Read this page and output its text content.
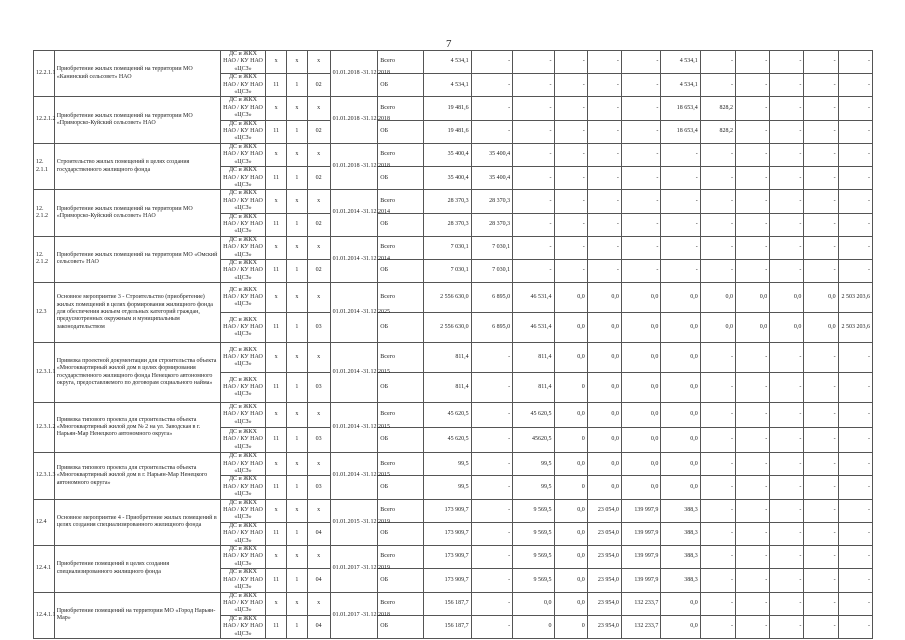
7
12.2.1.1	Приобретение жилых помещений на территории МО «Канинский сельсовет» НАО	ДС и ЖКХ НАО / КУ НАО «ЦСЗ»	х	х	х	01.01.2018 -31.12.2018	Всего	4 534,1	-	-	-	-	-	4 534,1	-	-	-	-	-
		ДС и ЖКХ НАО / КУ НАО «ЦСЗ»	11	1	02		ОБ	4 534,1	-	-	-	-	-	4 534,1	-	-	-	-	-
12.2.1.2	Приобретение жилых помещений на территории МО «Приморско-Куйский сельсовет» НАО	ДС и ЖКХ НАО / КУ НАО «ЦСЗ»	х	х	х	01.01.2018 -31.12.2018	Всего	19 481,6	-	-	-	-	-	18 653,4	828,2	-	-	-	-
		ДС и ЖКХ НАО / КУ НАО «ЦСЗ»	11	1	02		ОБ	19 481,6	-	-	-	-	-	18 653,4	828,2	-	-	-	-
12. 2.1.1	Строительство жилых помещений в целях создания государственного жилищного фонда	ДС и ЖКХ НАО / КУ НАО «ЦСЗ»	х	х	х	01.01.2018 -31.12.2018	Всего	35 400,4	35 400,4	-	-	-	-	-	-	-	-	-	-
		ДС и ЖКХ НАО / КУ НАО «ЦСЗ»	11	1	02		ОБ	35 400,4	35 400,4	-	-	-	-	-	-	-	-	-	-
12. 2.1.2	Приобретение жилых помещений на территории МО «Приморско-Куйский сельсовет» НАО	ДС и ЖКХ НАО / КУ НАО «ЦСЗ»	х	х	х	01.01.2014 -31.12.2014	Всего	28 370,3	28 370,3	-	-	-	-	-	-	-	-	-	-
		ДС и ЖКХ НАО / КУ НАО «ЦСЗ»	11	1	02		ОБ	28 370,3	28 370,3	-	-	-	-	-	-	-	-	-	-
12. 2.1.2	Приобретение жилых помещений на территории МО «Омский сельсовет» НАО	ДС и ЖКХ НАО / КУ НАО «ЦСЗ»	х	х	х	01.01.2014 -31.12.2014	Всего	7 030,1	7 030,1	-	-	-	-	-	-	-	-	-	-
		ДС и ЖКХ НАО / КУ НАО «ЦСЗ»	11	1	02		ОБ	7 030,1	7 030,1	-	-	-	-	-	-	-	-	-	-
12.3	Основное мероприятие 3 - Строительство (приобретение) жилых помещений в целях формирования жилищного фонда для обеспечения жильем отдельных категорий граждан, предусмотренных окружным и муниципальным законодательством	ДС и ЖКХ НАО / КУ НАО «ЦСЗ»	х	х	х	01.01.2014 -31.12.2025	Всего	2 556 630,0	6 895,0	46 531,4	0,0	0,0	0,0	0,0	0,0	0,0	0,0	0,0	2 503 203,6
		ДС и ЖКХ НАО / КУ НАО «ЦСЗ»	11	1	03		ОБ	2 556 630,0	6 895,0	46 531,4	0,0	0,0	0,0	0,0	0,0	0,0	0,0	0,0	2 503 203,6
12.3.1.1	Привязка проектной документации для строительства объекта «Многоквартирный жилой дом в целях формирования государственного жилищного фонда Ненецкого автономного округа, предоставляемого по договорам социального найма»	ДС и ЖКХ НАО / КУ НАО «ЦСЗ»	х	х	х	01.01.2014 -31.12.2015	Всего	811,4	-	811,4	0,0	0,0	0,0	0,0	-	-	-	-	-
		ДС и ЖКХ НАО / КУ НАО «ЦСЗ»	11	1	03		ОБ	811,4	-	811,4	0	0,0	0,0	0,0	-	-	-	-	-
12.3.1.2	Привязка типового проекта для строительства объекта «Многоквартирный жилой дом № 2 на ул. Заводская в г. Нарьян-Мар Ненецкого автономного округа»	ДС и ЖКХ НАО / КУ НАО «ЦСЗ»	х	х	х	01.01.2014 -31.12.2015	Всего	45 620,5	-	45 620,5	0,0	0,0	0,0	0,0	-	-	-	-	-
		ДС и ЖКХ НАО / КУ НАО «ЦСЗ»	11	1	03		ОБ	45 620,5	-	45620,5	0	0,0	0,0	0,0	-	-	-	-	-
12.3.1.3	Привязка типового проекта для строительства объекта «Многоквартирный жилой дом в г. Нарьян-Мар Ненецкого автономного округа»	ДС и ЖКХ НАО / КУ НАО «ЦСЗ»	х	х	х	01.01.2014 -31.12.2015	Всего	99,5	-	99,5	0,0	0,0	0,0	0,0	-	-	-	-	-
		ДС и ЖКХ НАО / КУ НАО «ЦСЗ»	11	1	03		ОБ	99,5	-	99,5	0	0,0	0,0	0,0	-	-	-	-	-
12.4	Основное мероприятие 4 - Приобретение жилых помещений в целях создания специализированного жилищного фонда	ДС и ЖКХ НАО / КУ НАО «ЦСЗ»	х	х	х	01.01.2015 -31.12.2019	Всего	173 909,7	-	9 569,5	0,0	23 054,0	139 997,9	388,3	-	-	-	-	-
		ДС и ЖКХ НАО / КУ НАО «ЦСЗ»	11	1	04		ОБ	173 909,7	-	9 569,5	0,0	23 054,0	139 997,9	388,3	-	-	-	-	-
12.4.1	Приобретение помещений в целях создания специализированного жилищного фонда	ДС и ЖКХ НАО / КУ НАО «ЦСЗ»	х	х	х	01.01.2017 -31.12.2019	Всего	173 909,7	-	9 569,5	0,0	23 954,0	139 997,9	388,3	-	-	-	-	-
		ДС и ЖКХ НАО / КУ НАО «ЦСЗ»	11	1	04		ОБ	173 909,7	-	9 569,5	0,0	23 954,0	139 997,9	388,3	-	-	-	-	-
12.4.1.1	Приобретение помещений на территории МО «Город Нарьян-Мар»	ДС и ЖКХ НАО / КУ НАО «ЦСЗ»	х	х	х	01.01.2017 -31.12.2018	Всего	156 187,7	-	0,0	0,0	23 954,0	132 233,7	0,0	-	-	-	-	-
		ДС и ЖКХ НАО / КУ НАО «ЦСЗ»	11	1	04		ОБ	156 187,7	-	0	0	23 954,0	132 233,7	0,0	-	-	-	-	-
